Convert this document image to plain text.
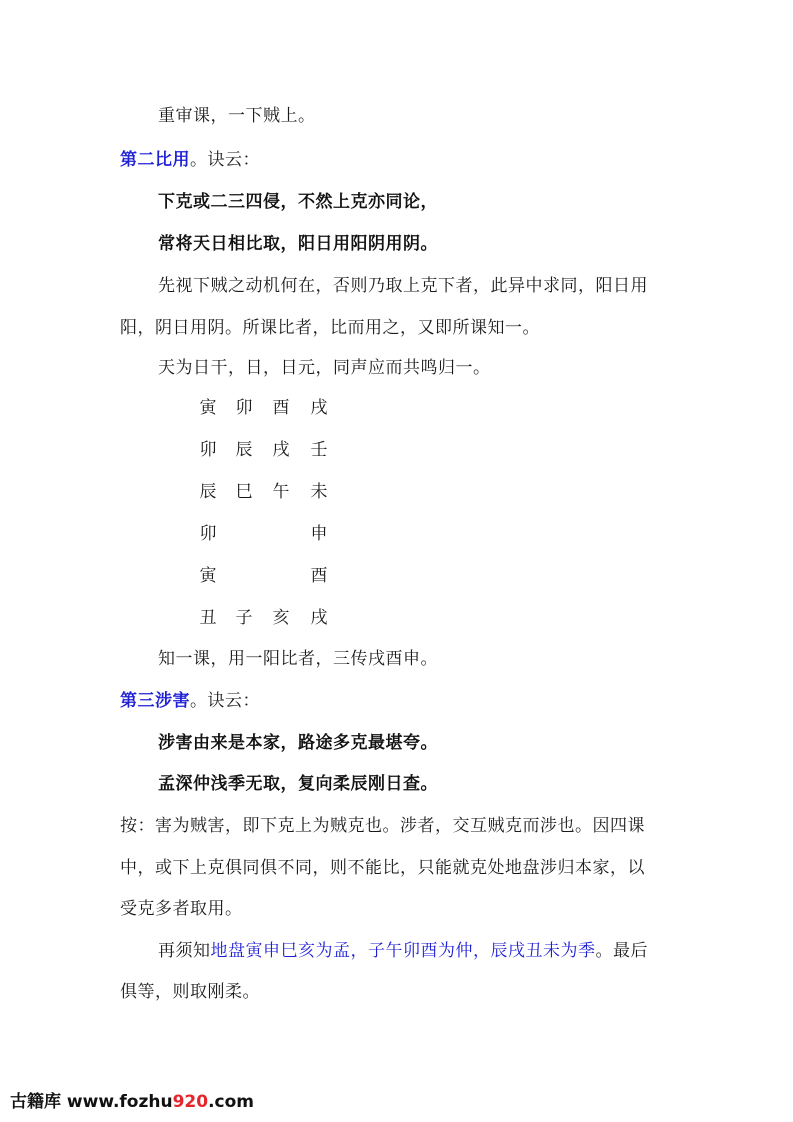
重审课，一下贼上。
第二比用。诀云：
下克或二三四侵，不然上克亦同论，
常将天日相比取，阳日用阳阴用阴。
先视下贼之动机何在，否则乃取上克下者，此异中求同，阳日用
阳，阴日用阴。所课比者，比而用之，又即所课知一。
天为日干，日，日元，同声应而共鸣归一。
寅 卯 酉 戌
卯 辰 戌 壬
辰 巳 午 未
卯	申
寅	酉
丑 子 亥 戌
知一课，用一阳比者，三传戌酉申。
第三涉害。诀云：
涉害由来是本家，路途多克最堪夸。
孟深仲浅季无取，复向柔辰刚日查。
按：害为贼害，即下克上为贼克也。涉者，交互贼克而涉也。因四课
中，或下上克俱同俱不同，则不能比，只能就克处地盘涉归本家，以
受克多者取用。
再须知地盘寅申巳亥为孟，子午卯酉为仲，辰戌丑未为季。最后
俱等，则取刚柔。
古籍库 www.fozhu920.com
